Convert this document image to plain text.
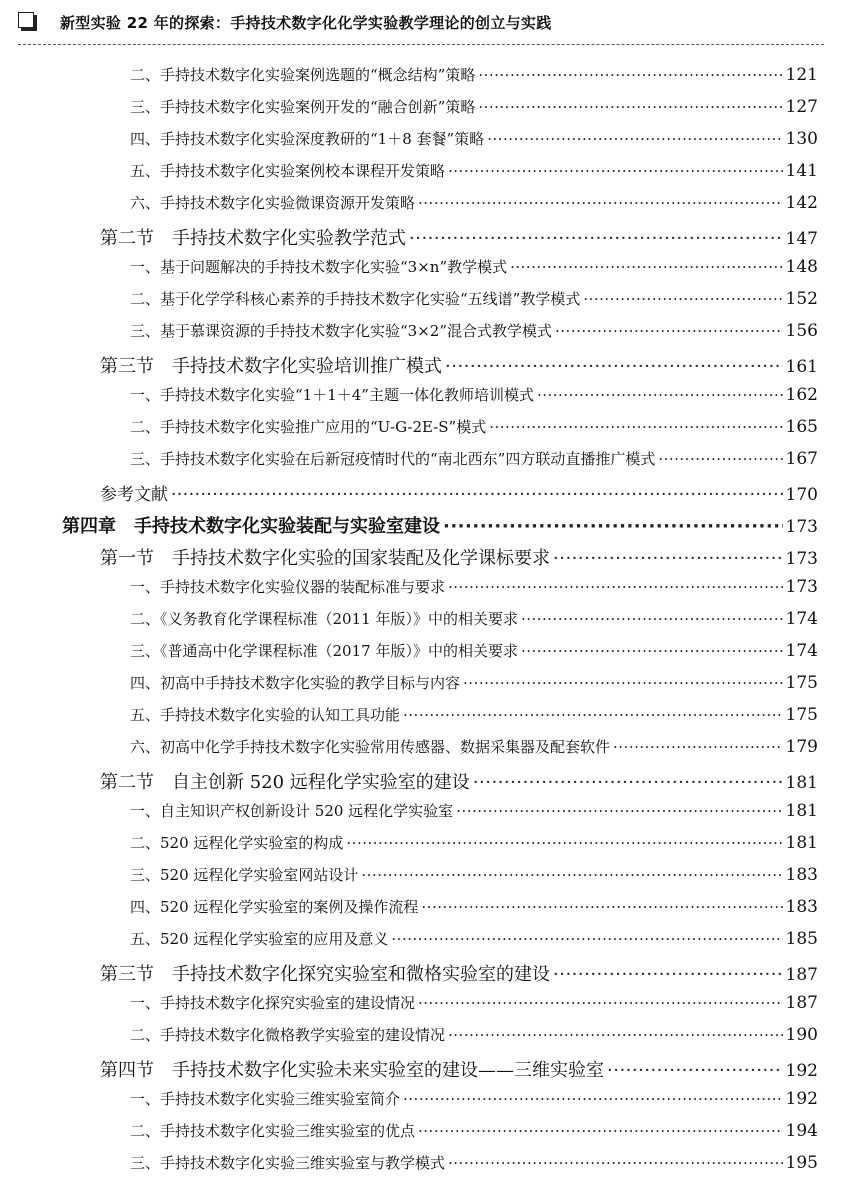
新型实验 22 年的探索：手持技术数字化化学实验教学理论的创立与实践
二、手持技术数字化实验案例选题的“概念结构”策略 ·····	121
三、手持技术数字化实验案例开发的“融合创新”策略 ·····	127
四、手持技术数字化实验深度教研的“1＋8 套餐”策略 ·····	130
五、手持技术数字化实验案例校本课程开发策略 ·····	141
六、手持技术数字化实验微课资源开发策略 ·····	142
第二节　手持技术数字化实验教学范式 ·····	147
一、基于问题解决的手持技术数字化实验“3×n”教学模式 ·····	148
二、基于化学学科核心素养的手持技术数字化实验“五线谱”教学模式 ·····	152
三、基于慕课资源的手持技术数字化实验“3×2”混合式教学模式 ·····	156
第三节　手持技术数字化实验培训推广模式 ·····	161
一、手持技术数字化实验“1＋1＋4”主题一体化教师培训模式 ·····	162
二、手持技术数字化实验推广应用的“U-G-2E-S”模式 ·····	165
三、手持技术数字化实验在后新冠疫情时代的“南北西东”四方联动直播推广模式 ·····	167
参考文献 ·····	170
第四章　手持技术数字化实验装配与实验室建设 ·····	173
第一节　手持技术数字化实验的国家装配及化学课标要求 ·····	173
一、手持技术数字化实验仪器的装配标准与要求 ·····	173
二、《义务教育化学课程标准（2011 年版）》中的相关要求 ·····	174
三、《普通高中化学课程标准（2017 年版）》中的相关要求 ·····	174
四、初高中手持技术数字化实验的教学目标与内容 ·····	175
五、手持技术数字化实验的认知工具功能 ·····	175
六、初高中化学手持技术数字化实验常用传感器、数据采集器及配套软件 ·····	179
第二节　自主创新 520 远程化学实验室的建设 ·····	181
一、自主知识产权创新设计 520 远程化学实验室 ·····	181
二、520 远程化学实验室的构成 ·····	181
三、520 远程化学实验室网站设计 ·····	183
四、520 远程化学实验室的案例及操作流程 ·····	183
五、520 远程化学实验室的应用及意义 ·····	185
第三节　手持技术数字化探究实验室和微格实验室的建设 ·····	187
一、手持技术数字化探究实验室的建设情况 ·····	187
二、手持技术数字化微格教学实验室的建设情况 ·····	190
第四节　手持技术数字化实验未来实验室的建设——三维实验室 ·····	192
一、手持技术数字化实验三维实验室简介 ·····	192
二、手持技术数字化实验三维实验室的优点 ·····	194
三、手持技术数字化实验三维实验室与教学模式 ·····	195
